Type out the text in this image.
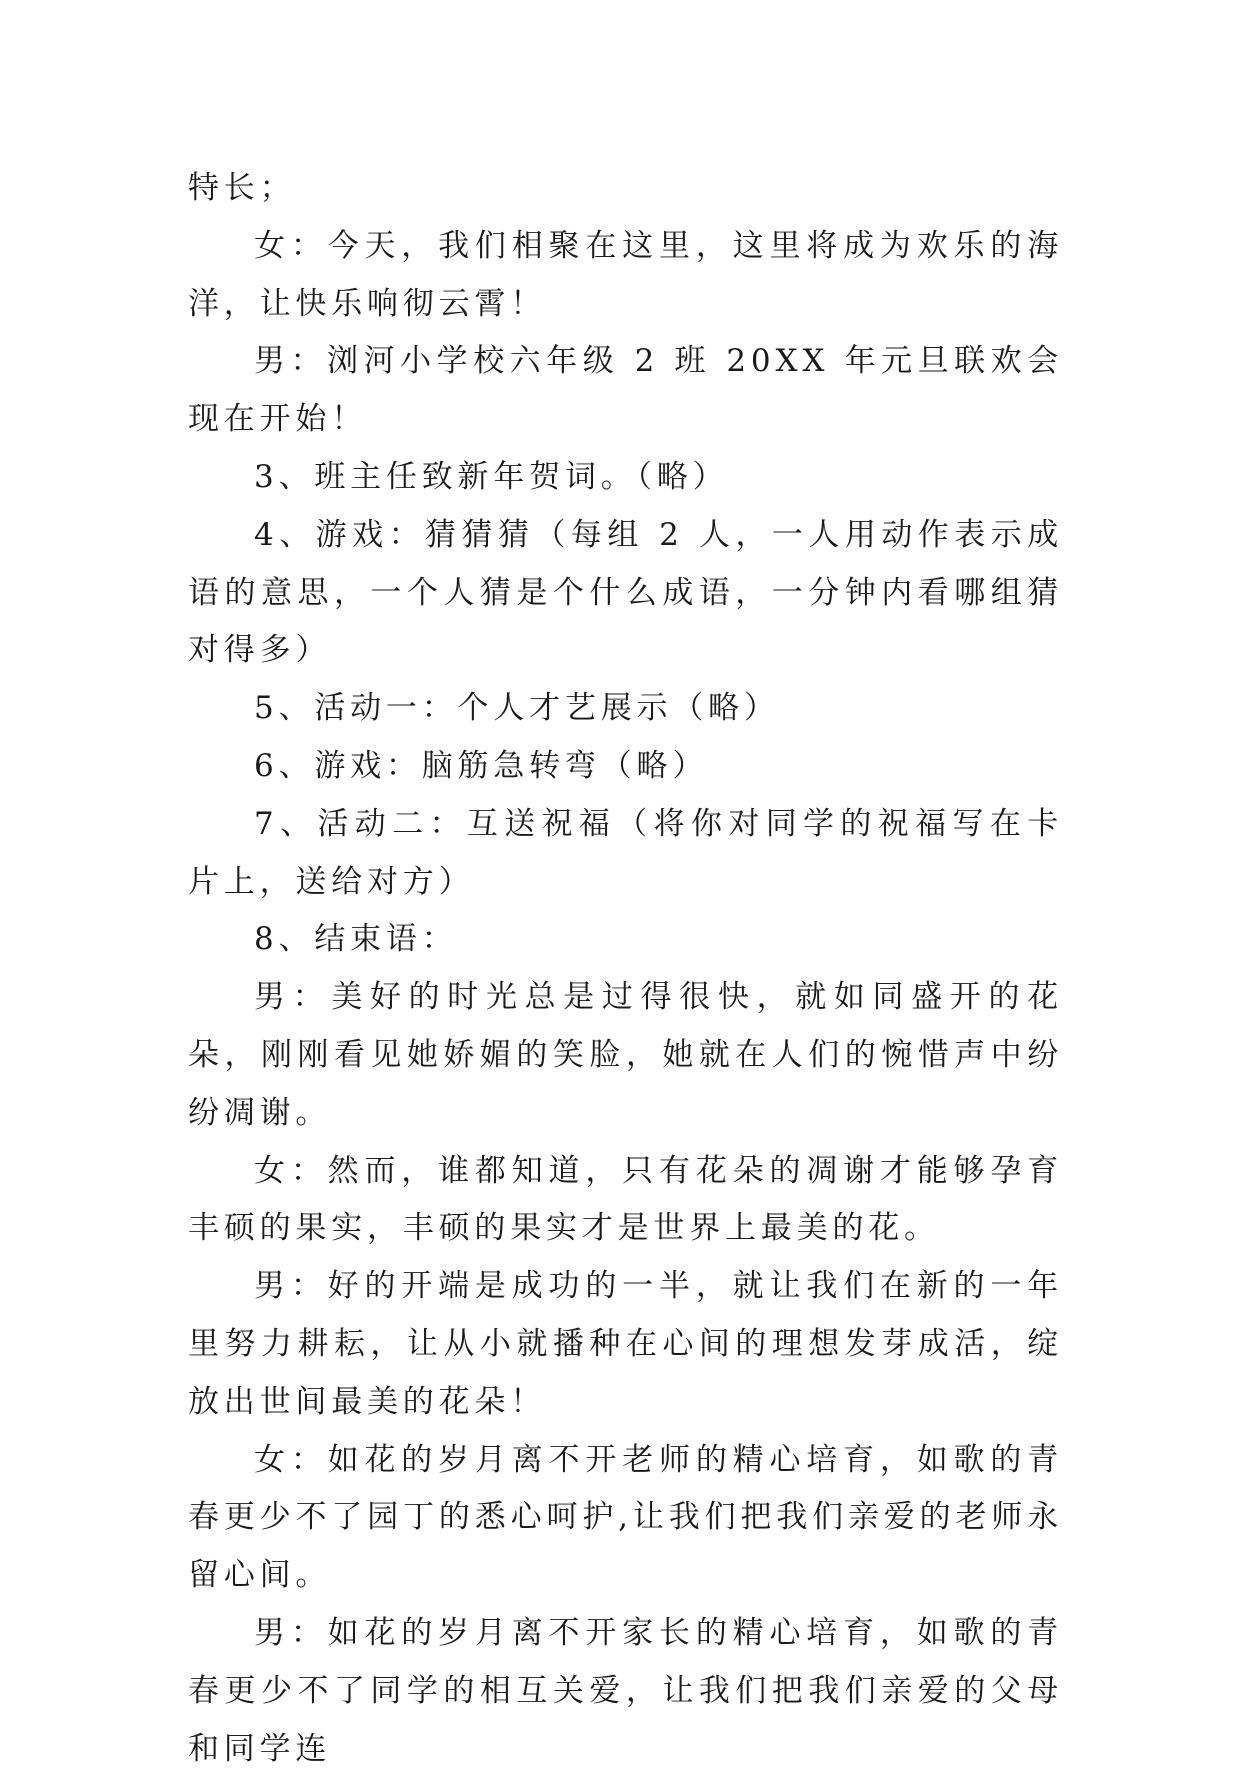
特长；

女：今天，我们相聚在这里，这里将成为欢乐的海洋，让快乐响彻云霄！

男：浏河小学校六年级 2 班 20XX 年元旦联欢会现在开始！

3、班主任致新年贺词。（略）

4、游戏：猜猜猜（每组 2 人，一人用动作表示成语的意思，一个人猜是个什么成语，一分钟内看哪组猜对得多）

5、活动一：个人才艺展示（略）

6、游戏：脑筋急转弯（略）

7、活动二：互送祝福（将你对同学的祝福写在卡片上，送给对方）

8、结束语：

男：美好的时光总是过得很快，就如同盛开的花朵，刚刚看见她娇媚的笑脸，她就在人们的惋惜声中纷纷凋谢。

女：然而，谁都知道，只有花朵的凋谢才能够孕育丰硕的果实，丰硕的果实才是世界上最美的花。

男：好的开端是成功的一半，就让我们在新的一年里努力耕耘，让从小就播种在心间的理想发芽成活，绽放出世间最美的花朵！

女：如花的岁月离不开老师的精心培育，如歌的青春更少不了园丁的悉心呵护,让我们把我们亲爱的老师永留心间。

男：如花的岁月离不开家长的精心培育，如歌的青春更少不了同学的相互关爱，让我们把我们亲爱的父母和同学连
